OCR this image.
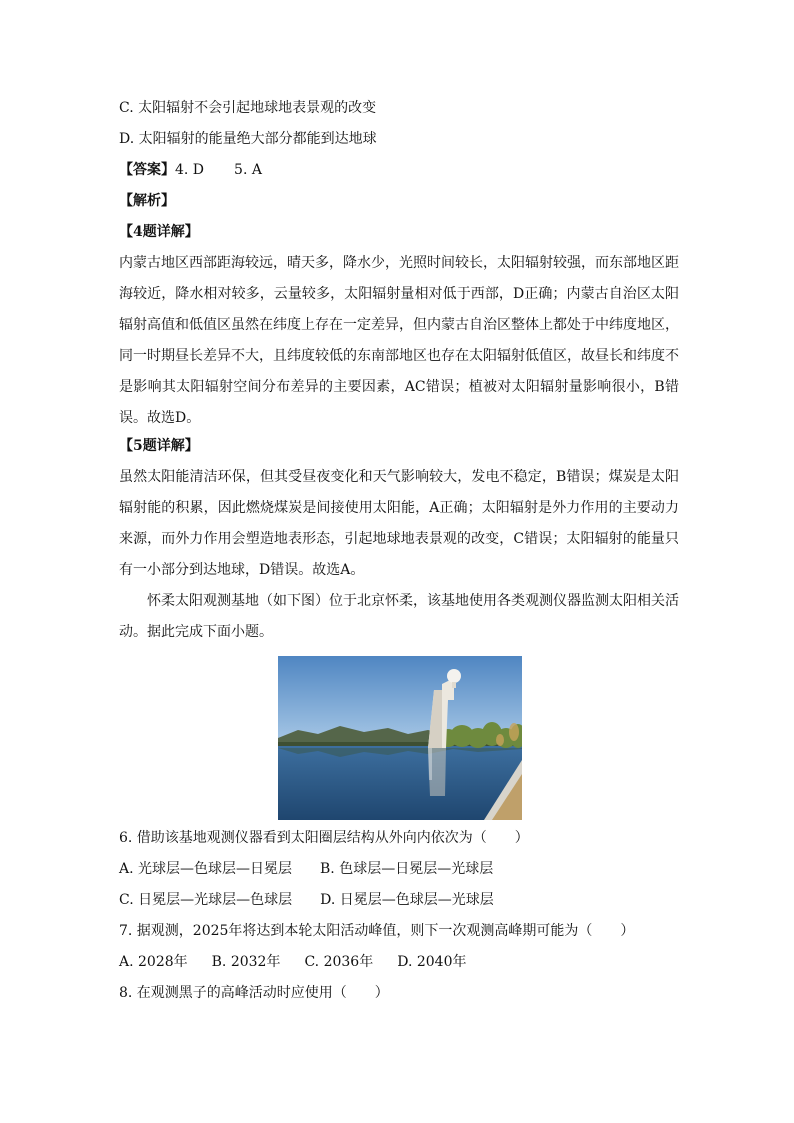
C. 太阳辐射不会引起地球地表景观的改变
D. 太阳辐射的能量绝大部分都能到达地球
【答案】4. D 5. A
【解析】
【4题详解】

内蒙古地区西部距海较远，晴天多，降水少，光照时间较长，太阳辐射较强，而东部地区距海较近，降水相对较多，云量较多，太阳辐射量相对低于西部，D正确；内蒙古自治区太阳辐射高值和低值区虽然在纬度上存在一定差异，但内蒙古自治区整体上都处于中纬度地区，同一时期昼长差异不大，且纬度较低的东南部地区也存在太阳辐射低值区，故昼长和纬度不是影响其太阳辐射空间分布差异的主要因素，AC错误；植被对太阳辐射量影响很小，B错误。故选D。

【5题详解】

虽然太阳能清洁环保，但其受昼夜变化和天气影响较大，发电不稳定，B错误；煤炭是太阳辐射能的积累，因此燃烧煤炭是间接使用太阳能，A正确；太阳辐射是外力作用的主要动力来源，而外力作用会塑造地表形态，引起地球地表景观的改变，C错误；太阳辐射的能量只有一小部分到达地球，D错误。故选A。

怀柔太阳观测基地（如下图）位于北京怀柔，该基地使用各类观测仪器监测太阳相关活动。据此完成下面小题。

6. 借助该基地观测仪器看到太阳圈层结构从外向内依次为（　　）
A. 光球层—色球层—日冕层 B. 色球层—日冕层—光球层
C. 日冕层—光球层—色球层 D. 日冕层—色球层—光球层
7. 据观测，2025年将达到本轮太阳活动峰值，则下一次观测高峰期可能为（　　）
A. 2028年 B. 2032年 C. 2036年 D. 2040年
8. 在观测黑子的高峰活动时应使用（　　）
